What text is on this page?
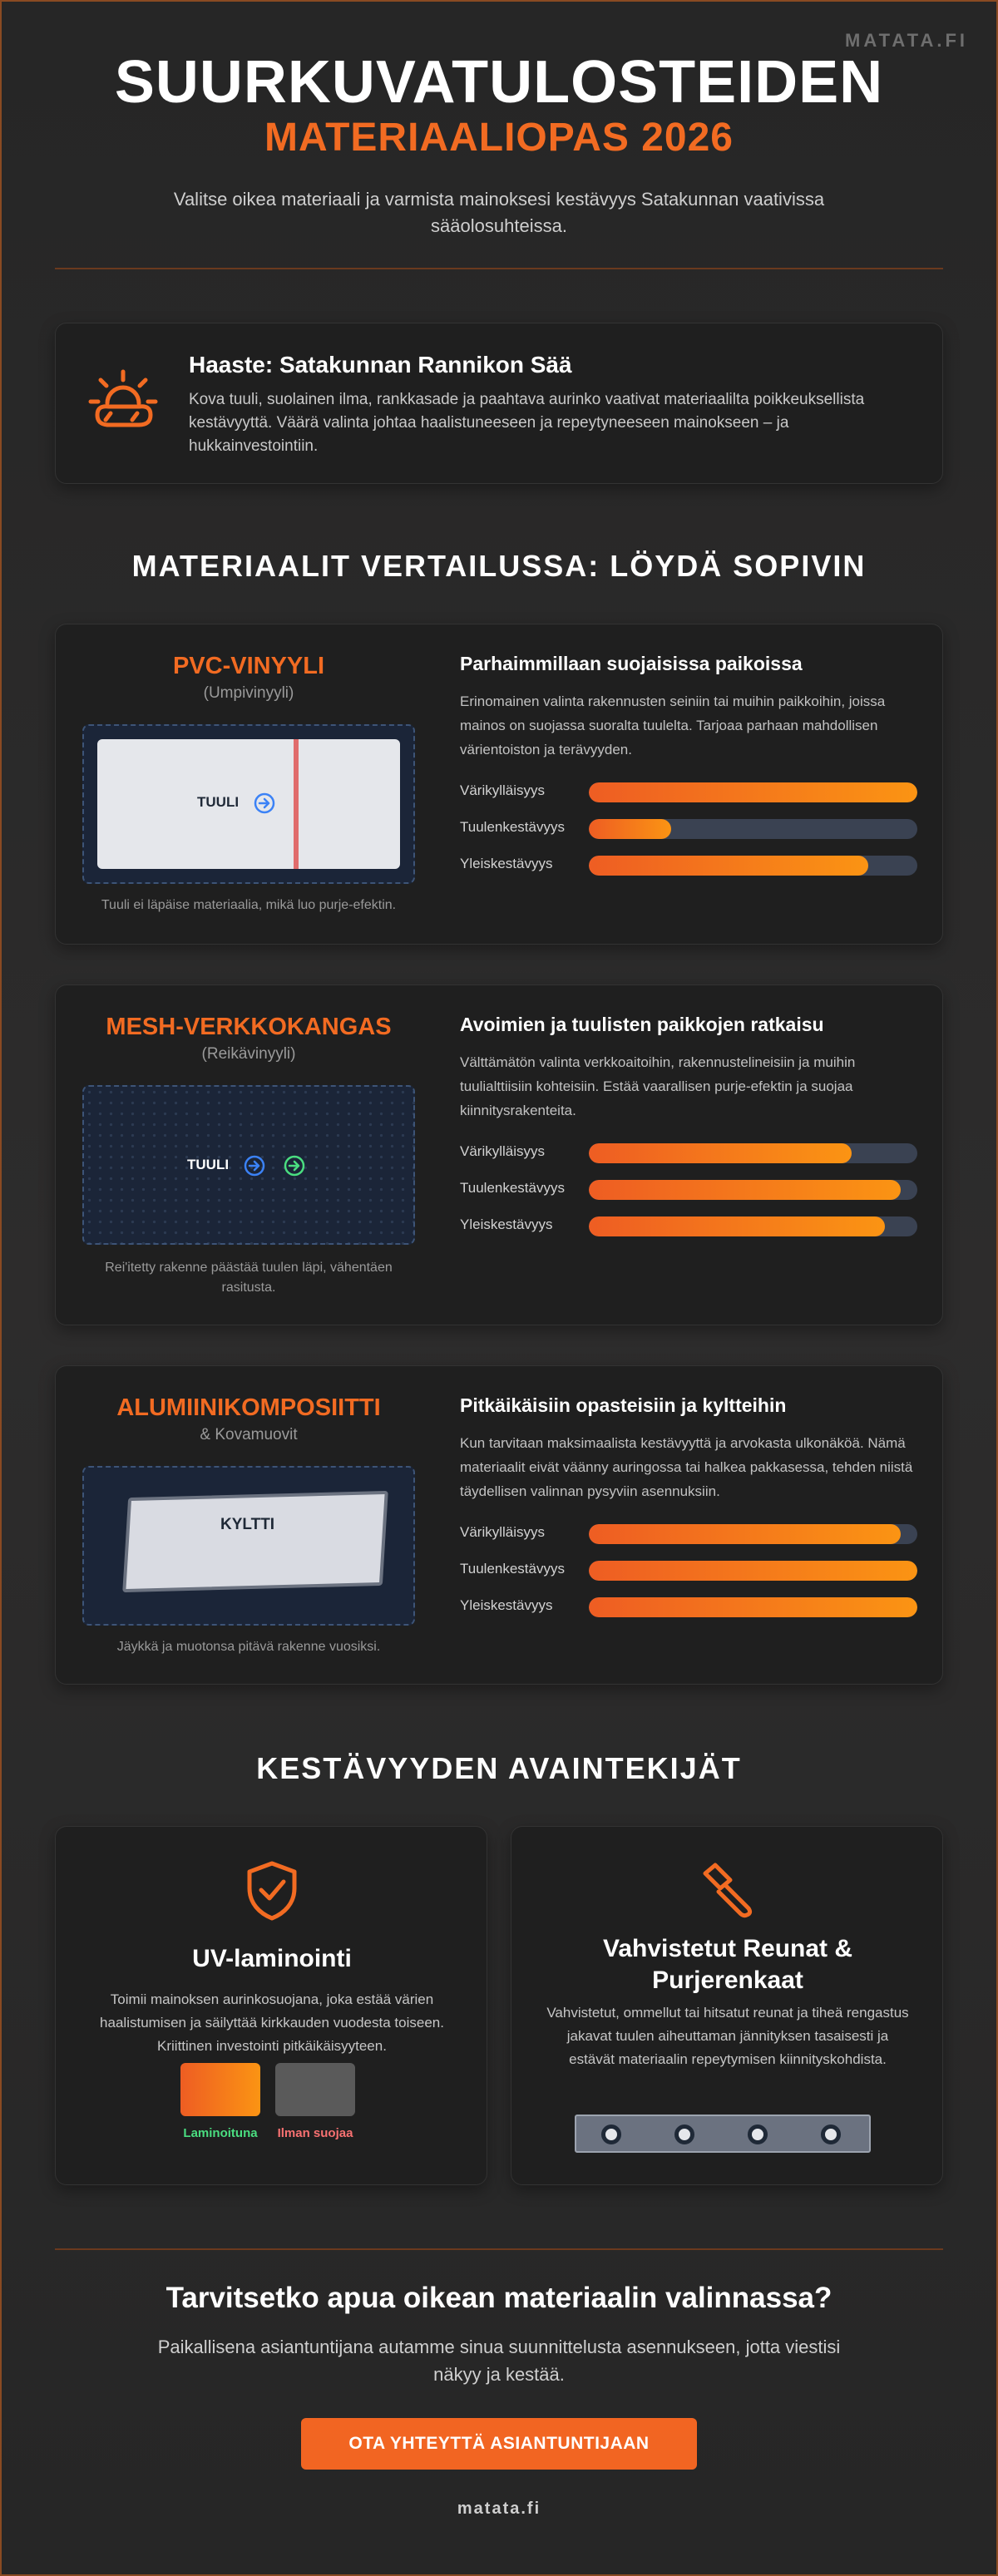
MATATA.FI
SUURKUVATULOSTEIDEN
MATERIAALIOPAS 2026

Valitse oikea materiaali ja varmista mainoksesi kestävyys Satakunnan vaativissa sääolosuhteissa.

Haaste: Satakunnan Rannikon Sää

Kova tuuli, suolainen ilma, rankkasade ja paahtava aurinko vaativat materiaalilta poikkeuksellista kestävyyttä. Väärä valinta johtaa haalistuneeseen ja repeytyneeseen mainokseen – ja hukkainvestointiin.

MATERIAALIT VERTAILUSSA: LÖYDÄ SOPIVIN
PVC-VINYYLI
(Umpivinyyli)
TUULI
Tuuli ei läpäise materiaalia, mikä luo purje-efektin.
Parhaimmillaan suojaisissa paikoissa
Erinomainen valinta rakennusten seiniin tai muihin paikkoihin, joissa mainos on suojassa suoralta tuulelta. Tarjoaa parhaan mahdollisen värientoiston ja terävyyden.
Värikylläisyys
Tuulenkestävyys
Yleiskestävyys
MESH-VERKKOKANGAS
(Reikävinyyli)
TUULI
Rei'itetty rakenne päästää tuulen läpi, vähentäen rasitusta.
Avoimien ja tuulisten paikkojen ratkaisu
Välttämätön valinta verkkoaitoihin, rakennustelineisiin ja muihin tuulialttiisiin kohteisiin. Estää vaarallisen purje-efektin ja suojaa kiinnitysrakenteita.
Värikylläisyys
Tuulenkestävyys
Yleiskestävyys
ALUMIINIKOMPOSIITTI
& Kovamuovit
KYLTTI
Jäykkä ja muotonsa pitävä rakenne vuosiksi.
Pitkäikäisiin opasteisiin ja kyltteihin
Kun tarvitaan maksimaalista kestävyyttä ja arvokasta ulkonäköä. Nämä materiaalit eivät väänny auringossa tai halkea pakkasessa, tehden niistä täydellisen valinnan pysyviin asennuksiin.
Värikylläisyys
Tuulenkestävyys
Yleiskestävyys
KESTÄVYYDEN AVAINTEKIJÄT
UV-laminointi

Toimii mainoksen aurinkosuojana, joka estää värien haalistumisen ja säilyttää kirkkauden vuodesta toiseen. Kriittinen investointi pitkäikäisyyteen.

Laminoituna	Ilman suojaa
Vahvistetut Reunat & Purjerenkaat

Vahvistetut, ommellut tai hitsatut reunat ja tiheä rengastus jakavat tuulen aiheuttaman jännityksen tasaisesti ja estävät materiaalin repeytymisen kiinnityskohdista.

Tarvitsetko apua oikean materiaalin valinnassa?

Paikallisena asiantuntijana autamme sinua suunnittelusta asennukseen, jotta viestisi näkyy ja kestää.

OTA YHTEYTTÄ ASIANTUNTIJAAN
matata.fi
